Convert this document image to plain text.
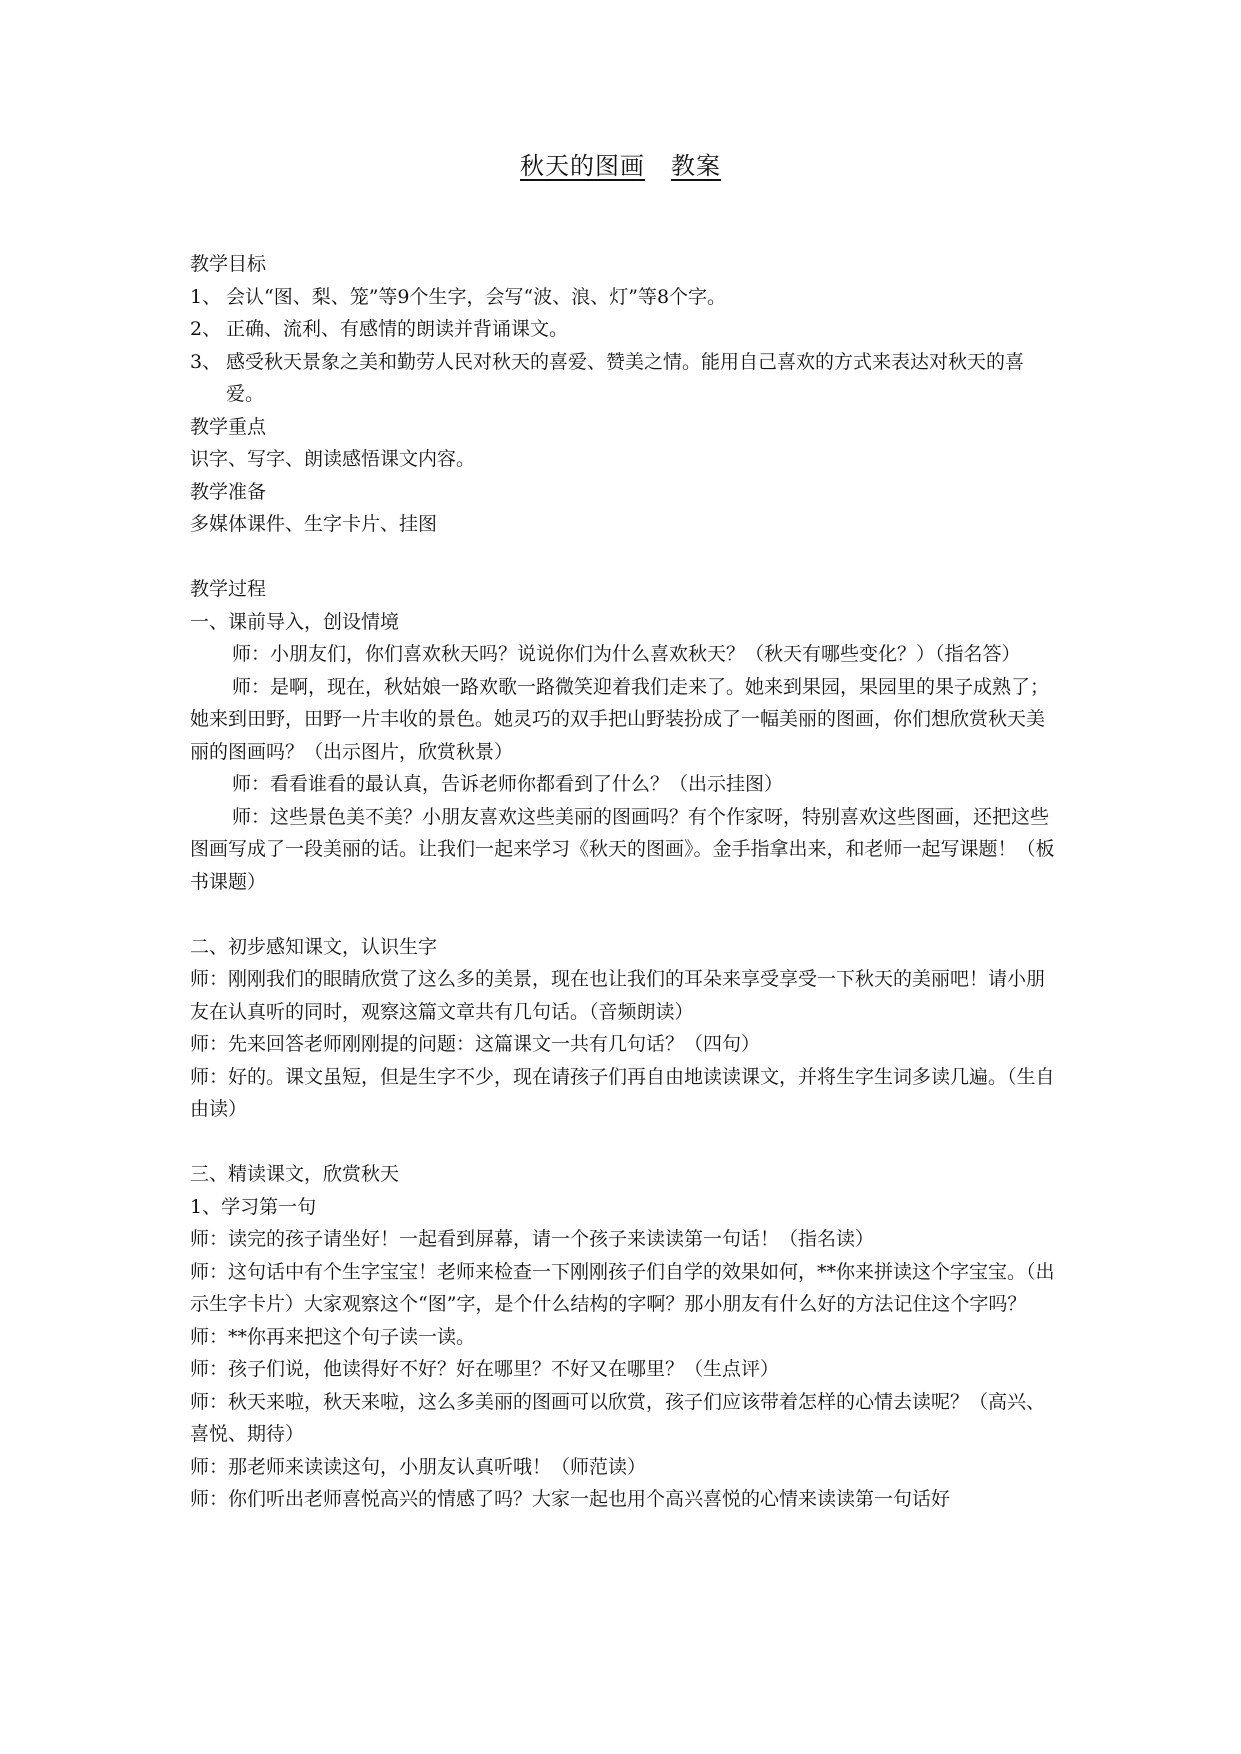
秋天的图画 教案

教学目标

1、 会认“图、梨、笼”等9个生字，会写“波、浪、灯”等8个字。
2、 正确、流利、有感情的朗读并背诵课文。
3、 感受秋天景象之美和勤劳人民对秋天的喜爱、赞美之情。能用自己喜欢的方式来表达对秋天的喜爱。

教学重点

识字、写字、朗读感悟课文内容。

教学准备

多媒体课件、生字卡片、挂图

教学过程

一、课前导入，创设情境

师：小朋友们，你们喜欢秋天吗？说说你们为什么喜欢秋天？（秋天有哪些变化？）（指名答）

师：是啊，现在，秋姑娘一路欢歌一路微笑迎着我们走来了。她来到果园，果园里的果子成熟了；她来到田野，田野一片丰收的景色。她灵巧的双手把山野装扮成了一幅美丽的图画，你们想欣赏秋天美丽的图画吗？（出示图片，欣赏秋景）

师：看看谁看的最认真，告诉老师你都看到了什么？（出示挂图）

师：这些景色美不美？小朋友喜欢这些美丽的图画吗？有个作家呀，特别喜欢这些图画，还把这些图画写成了一段美丽的话。让我们一起来学习《秋天的图画》。金手指拿出来，和老师一起写课题！（板书课题）

二、初步感知课文，认识生字

师：刚刚我们的眼睛欣赏了这么多的美景，现在也让我们的耳朵来享受享受一下秋天的美丽吧！请小朋友在认真听的同时，观察这篇文章共有几句话。（音频朗读）

师：先来回答老师刚刚提的问题：这篇课文一共有几句话？（四句）

师：好的。课文虽短，但是生字不少，现在请孩子们再自由地读读课文，并将生字生词多读几遍。（生自由读）

三、精读课文，欣赏秋天

1、学习第一句

师：读完的孩子请坐好！一起看到屏幕，请一个孩子来读读第一句话！（指名读）

师：这句话中有个生字宝宝！老师来检查一下刚刚孩子们自学的效果如何，**你来拼读这个字宝宝。（出示生字卡片）大家观察这个“图”字，是个什么结构的字啊？那小朋友有什么好的方法记住这个字吗？

师：**你再来把这个句子读一读。

师：孩子们说，他读得好不好？好在哪里？不好又在哪里？（生点评）

师：秋天来啦，秋天来啦，这么多美丽的图画可以欣赏，孩子们应该带着怎样的心情去读呢？（高兴、喜悦、期待）

师：那老师来读读这句，小朋友认真听哦！（师范读）

师：你们听出老师喜悦高兴的情感了吗？大家一起也用个高兴喜悦的心情来读读第一句话好
